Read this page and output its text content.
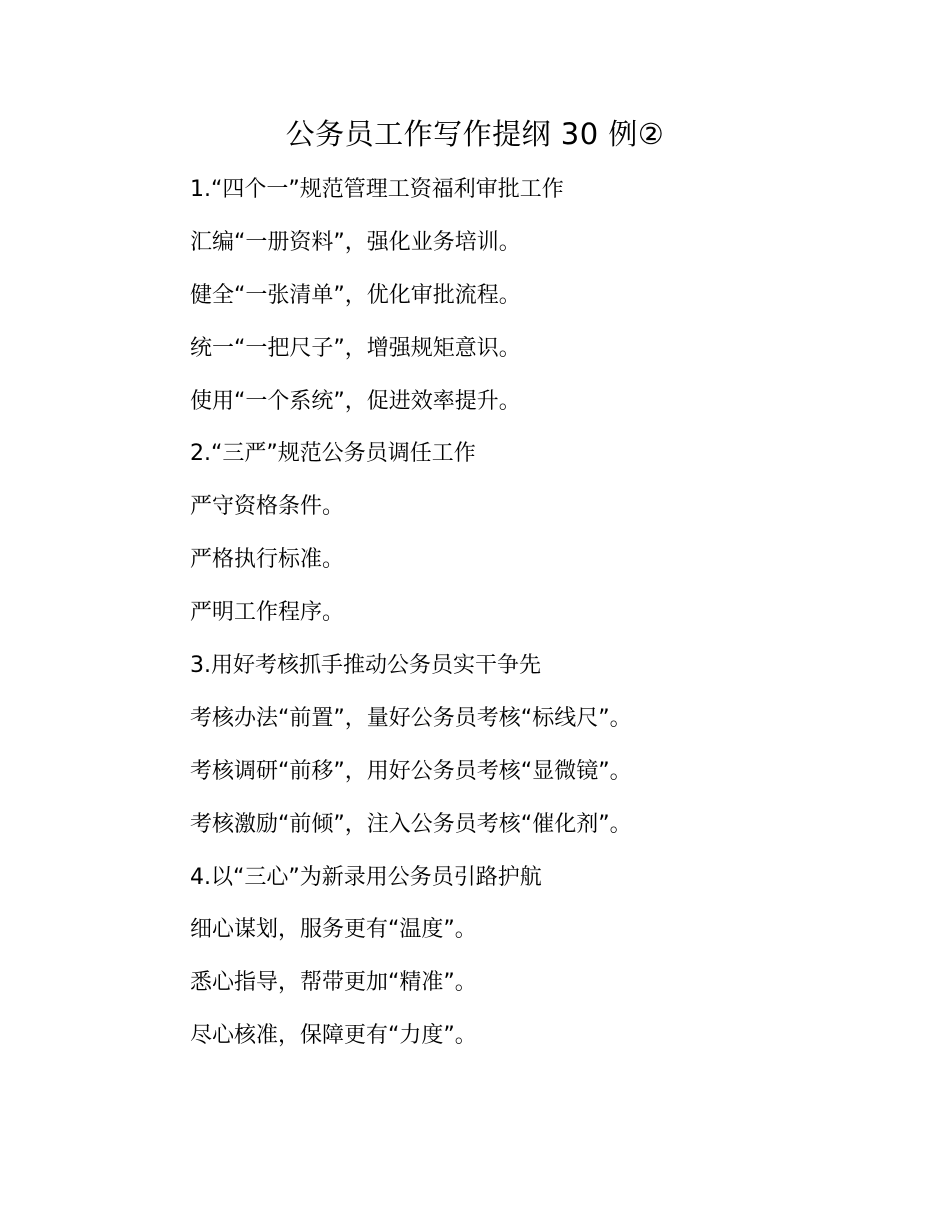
公务员工作写作提纲 30 例②
1.“四个一”规范管理工资福利审批工作
汇编“一册资料”，强化业务培训。
健全“一张清单”，优化审批流程。
统一“一把尺子”，增强规矩意识。
使用“一个系统”，促进效率提升。
2.“三严”规范公务员调任工作
严守资格条件。
严格执行标准。
严明工作程序。
3.用好考核抓手推动公务员实干争先
考核办法“前置”，量好公务员考核“标线尺”。
考核调研“前移”，用好公务员考核“显微镜”。
考核激励“前倾”，注入公务员考核“催化剂”。
4.以“三心”为新录用公务员引路护航
细心谋划，服务更有“温度”。
悉心指导，帮带更加“精准”。
尽心核准，保障更有“力度”。
